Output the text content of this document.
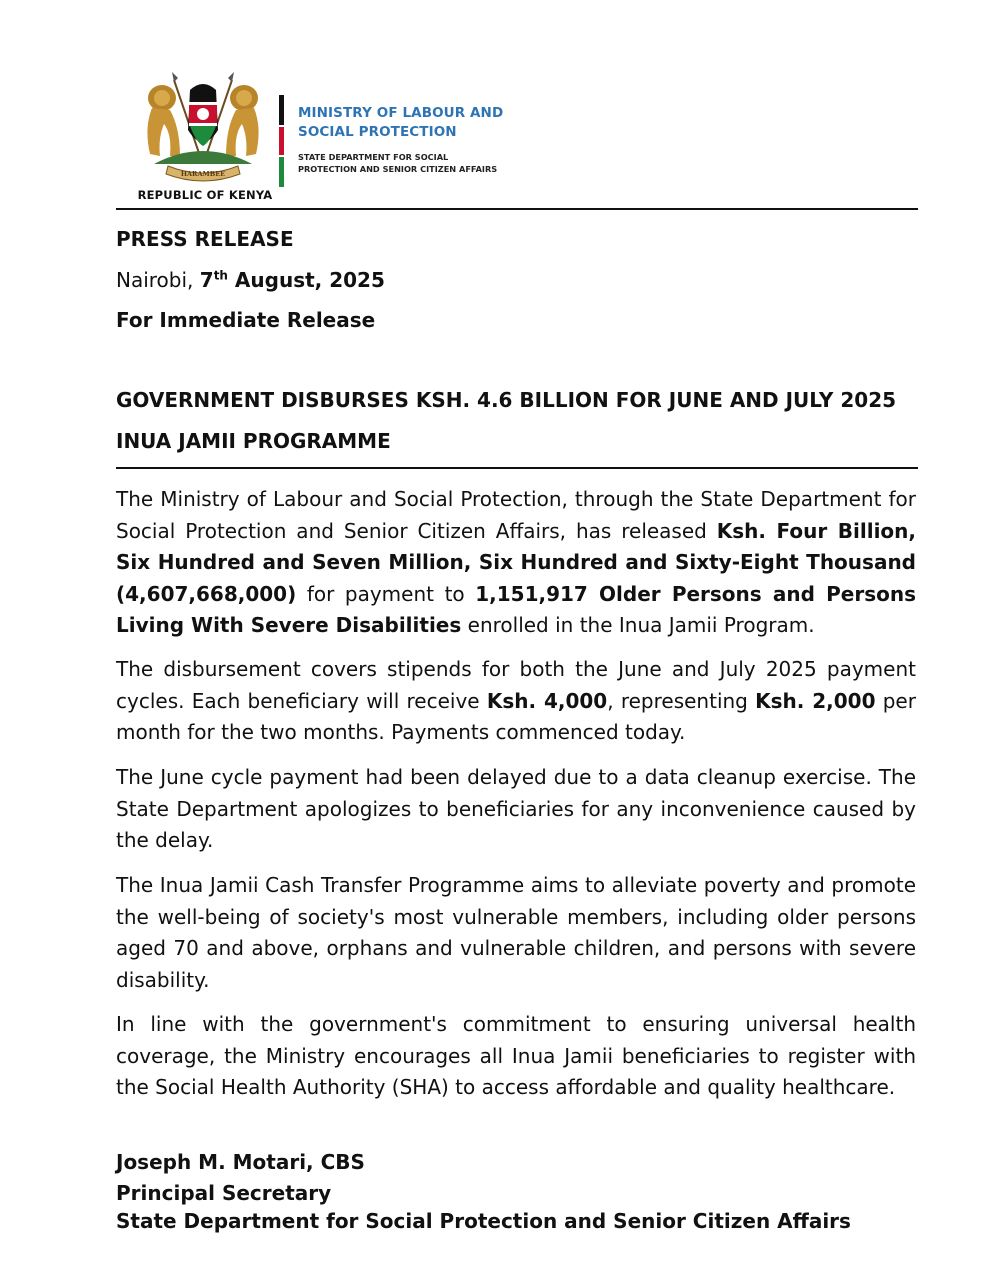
HARAMBEE
REPUBLIC OF KENYA
MINISTRY OF LABOUR AND
SOCIAL PROTECTION
STATE DEPARTMENT FOR SOCIAL
PROTECTION AND SENIOR CITIZEN AFFAIRS
PRESS RELEASE
Nairobi, 7th August, 2025
For Immediate Release
GOVERNMENT DISBURSES KSH. 4.6 BILLION FOR JUNE AND JULY 2025
INUA JAMII PROGRAMME
The Ministry of Labour and Social Protection, through the State Department for Social Protection and Senior Citizen Affairs, has released Ksh. Four Billion, Six Hundred and Seven Million, Six Hundred and Sixty-Eight Thousand (4,607,668,000) for payment to 1,151,917 Older Persons and Persons Living With Severe Disabilities enrolled in the Inua Jamii Program.
The disbursement covers stipends for both the June and July 2025 payment cycles. Each beneficiary will receive Ksh. 4,000, representing Ksh. 2,000 per month for the two months. Payments commenced today.
The June cycle payment had been delayed due to a data cleanup exercise. The State Department apologizes to beneficiaries for any inconvenience caused by the delay.
The Inua Jamii Cash Transfer Programme aims to alleviate poverty and promote the well-being of society's most vulnerable members, including older persons aged 70 and above, orphans and vulnerable children, and persons with severe disability.
In line with the government's commitment to ensuring universal health coverage, the Ministry encourages all Inua Jamii beneficiaries to register with the Social Health Authority (SHA) to access affordable and quality healthcare.
Joseph M. Motari, CBS
Principal Secretary
State Department for Social Protection and Senior Citizen Affairs
